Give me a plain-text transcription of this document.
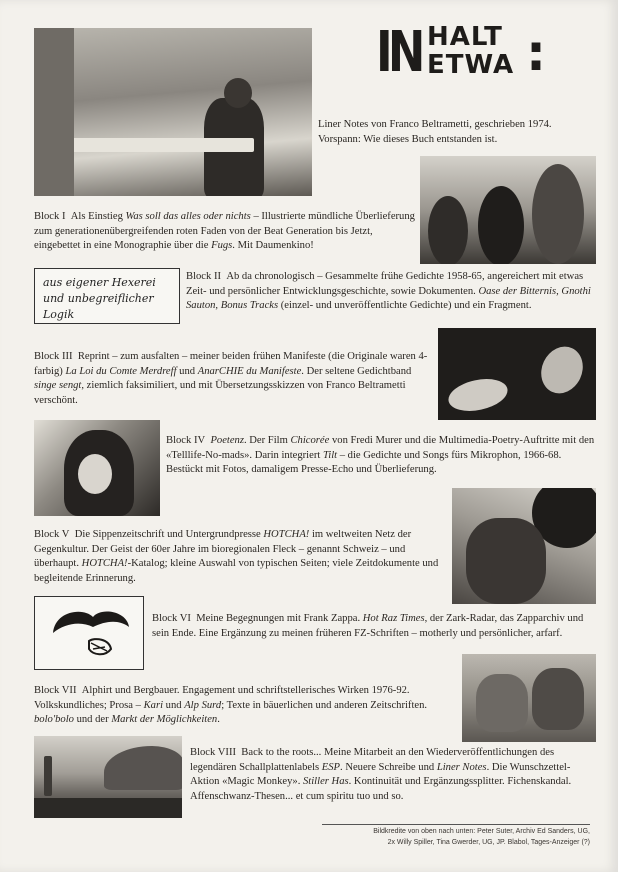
IN HALT
ETWA :
Liner Notes von Franco Beltrametti, geschrieben 1974.
Vorspann: Wie dieses Buch entstanden ist.
Block I Als Einstieg Was soll das alles oder nichts – Illustrierte mündliche Überlieferung zum generationenübergreifenden roten Faden von der Beat Generation bis Jetzt, eingebettet in eine Monographie über die Fugs. Mit Daumenkino!
aus eigener Hexerei
und unbegreiflicher Logik
Block II Ab da chronologisch – Gesammelte frühe Gedichte 1958-65, angereichert mit etwas Zeit- und persönlicher Entwicklungsgeschichte, sowie Dokumenten. Oase der Bitternis, Gnothi Sauton, Bonus Tracks (einzel- und unveröffentlichte Gedichte) und ein Fragment.
Block III Reprint – zum ausfalten – meiner beiden frühen Manifeste (die Originale waren 4-farbig) La Loi du Comte Merdreff und AnarCHIE du Manifeste. Der seltene Gedichtband singe sengt, ziemlich faksimiliert, und mit Übersetzungsskizzen von Franco Beltrametti verschönt.
Block IV Poetenz. Der Film Chicorée von Fredi Murer und die Multimedia-Poetry-Auftritte mit den «Telllife-No-mads». Darin integriert Tilt – die Gedichte und Songs fürs Mikrophon, 1966-68. Bestückt mit Fotos, damaligem Presse-Echo und Überlieferung.
Block V Die Sippenzeitschrift und Untergrundpresse HOTCHA! im weltweiten Netz der Gegenkultur. Der Geist der 60er Jahre im bioregionalen Fleck – genannt Schweiz – und überhaupt. HOTCHA!-Katalog; kleine Auswahl von typischen Seiten; viele Zeitdokumente und begleitende Erinnerung.
Block VI Meine Begegnungen mit Frank Zappa. Hot Raz Times, der Zark-Radar, das Zapparchiv und sein Ende. Eine Ergänzung zu meinen früheren FZ-Schriften – motherly und persönlicher, arfarf.
Block VII Alphirt und Bergbauer. Engagement und schriftstellerisches Wirken 1976-92. Volkskundliches; Prosa – Kari und Alp Surd; Texte in bäuerlichen und anderen Zeitschriften. bolo'bolo und der Markt der Möglichkeiten.
Block VIII Back to the roots... Meine Mitarbeit an den Wiederveröffentlichungen des legendären Schallplattenlabels ESP. Neuere Schreibe und Liner Notes. Die Wunschzettel-Aktion «Magic Monkey». Stiller Has. Kontinuität und Ergänzungssplitter. Fichenskandal. Affenschwanz-Thesen... et cum spiritu tuo und so.
Bildkredite von oben nach unten: Peter Suter, Archiv Ed Sanders, UG,
2x Willy Spiller, Tina Gwerder, UG, JP. Blabol, Tages-Anzeiger (?)
